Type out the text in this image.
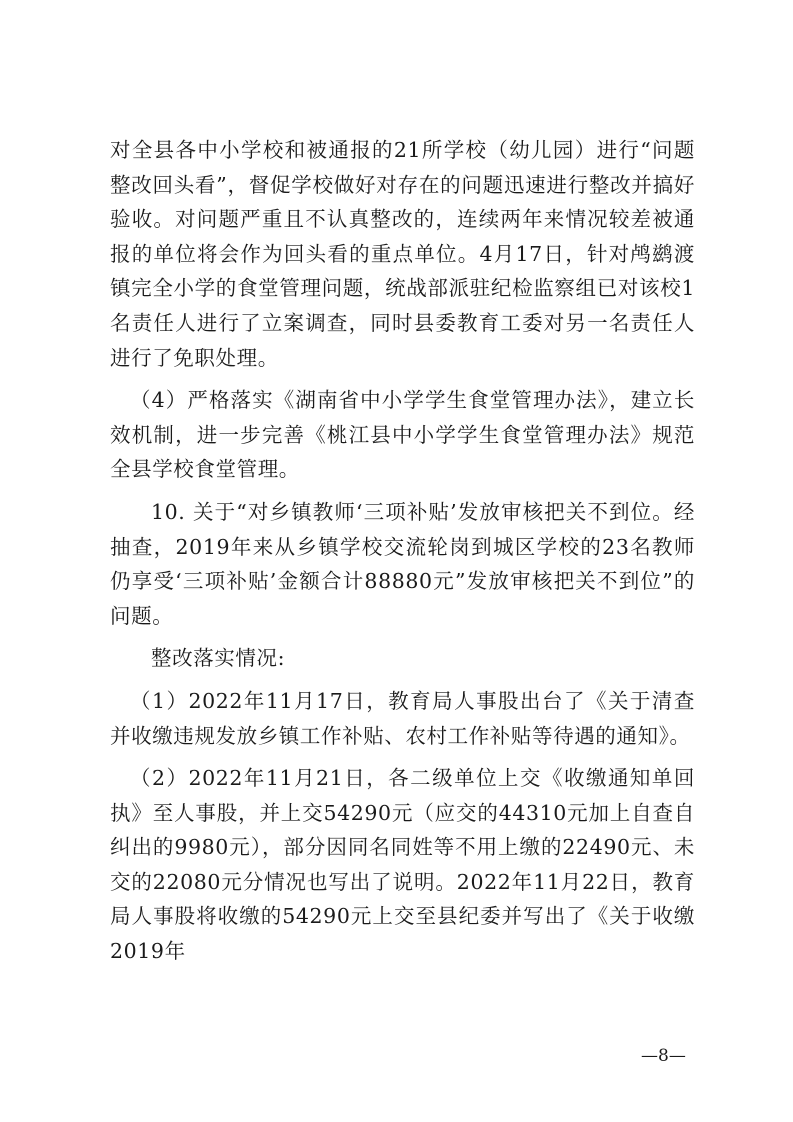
对全县各中小学校和被通报的21所学校（幼儿园）进行“问题整改回头看”，督促学校做好对存在的问题迅速进行整改并搞好验收。对问题严重且不认真整改的，连续两年来情况较差被通报的单位将会作为回头看的重点单位。4月17日，针对鸬鹚渡镇完全小学的食堂管理问题，统战部派驻纪检监察组已对该校1名责任人进行了立案调查，同时县委教育工委对另一名责任人进行了免职处理。

（4）严格落实《湖南省中小学学生食堂管理办法》，建立长效机制，进一步完善《桃江县中小学学生食堂管理办法》规范全县学校食堂管理。

10. 关于“对乡镇教师‘三项补贴’发放审核把关不到位。经抽查，2019年来从乡镇学校交流轮岗到城区学校的23名教师仍享受‘三项补贴’金额合计88880元”发放审核把关不到位”的问题。

整改落实情况:

（1）2022年11月17日，教育局人事股出台了《关于清查并收缴违规发放乡镇工作补贴、农村工作补贴等待遇的通知》。

（2）2022年11月21日，各二级单位上交《收缴通知单回执》至人事股，并上交54290元（应交的44310元加上自查自纠出的9980元），部分因同名同姓等不用上缴的22490元、未交的22080元分情况也写出了说明。2022年11月22日，教育局人事股将收缴的54290元上交至县纪委并写出了《关于收缴2019年

—8—
